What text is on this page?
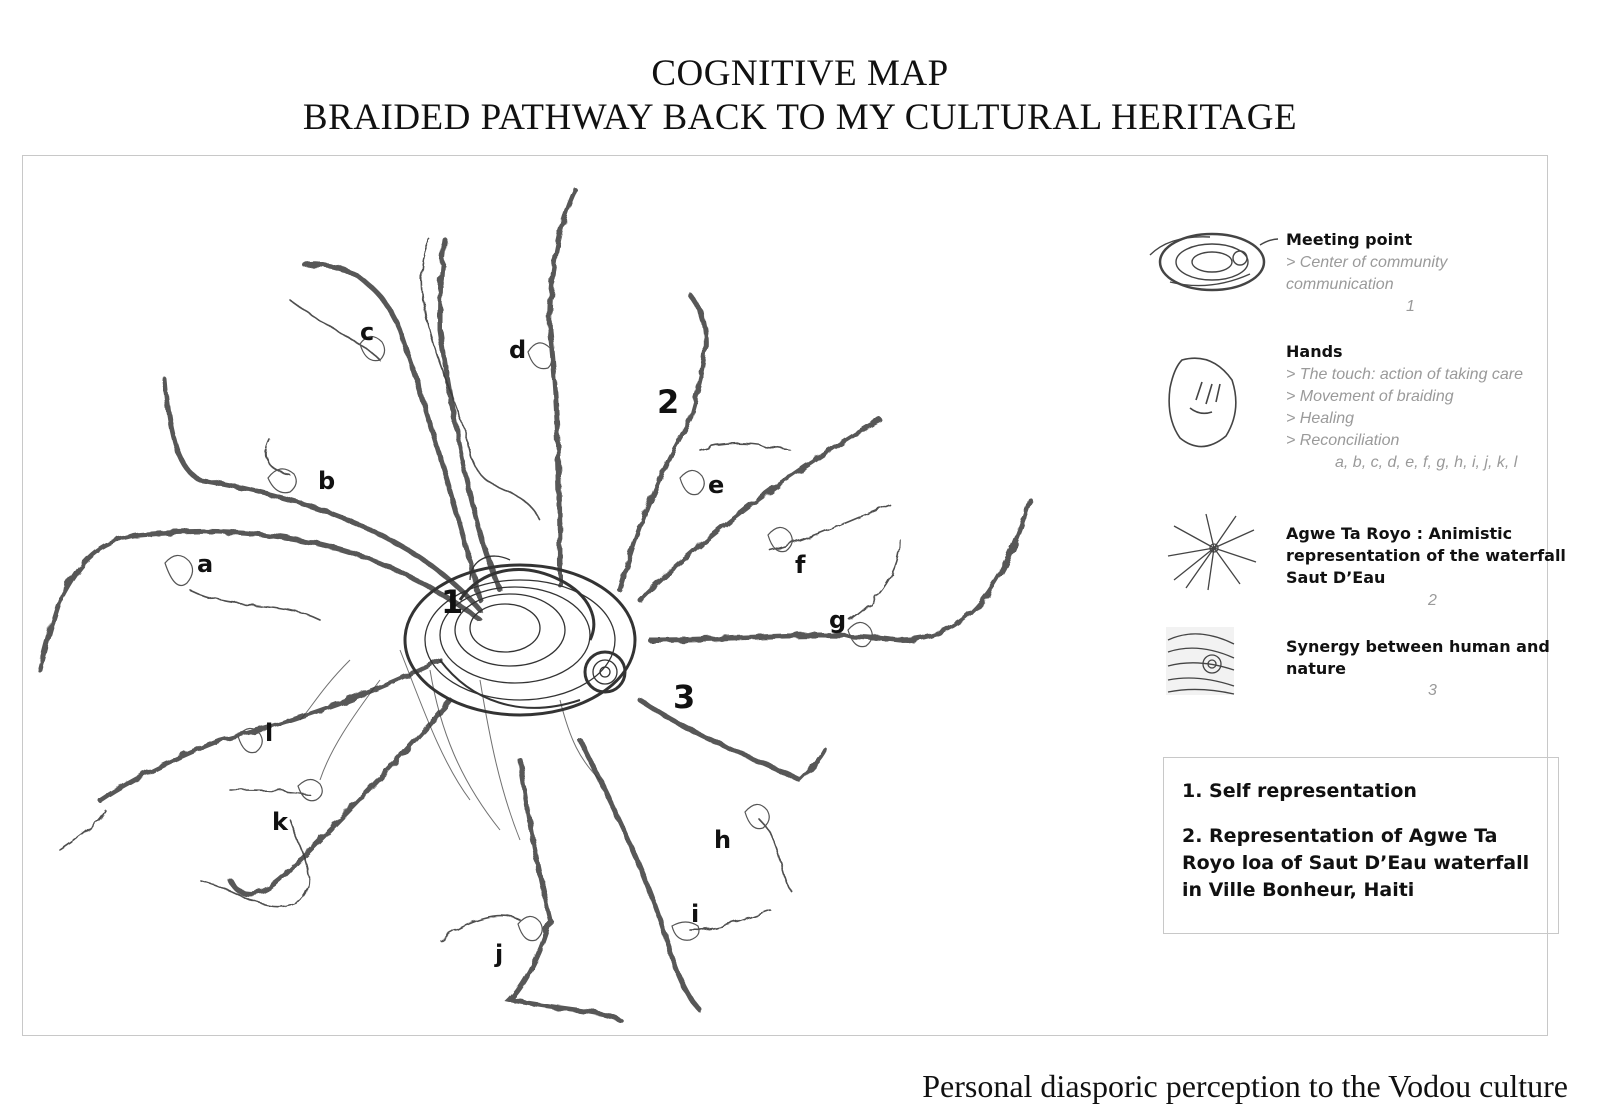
COGNITIVE MAP
BRAIDED PATHWAY BACK TO MY CULTURAL HERITAGE
1
2
3
a
b
c
d
e
f
g
h
i
j
k
l
Meeting point
> Center of community
communication
1
Hands
> The touch: action of taking care
> Movement of braiding
> Healing
> Reconciliation
a, b, c, d, e, f, g, h, i, j, k, l
Agwe Ta Royo : Animistic
representation of the waterfall
Saut D’Eau
2
Synergy between human and
nature
3

1. Self representation

2. Representation of Agwe Ta Royo loa of Saut D’Eau waterfall in Ville Bonheur, Haiti

Personal diasporic perception to the Vodou culture
